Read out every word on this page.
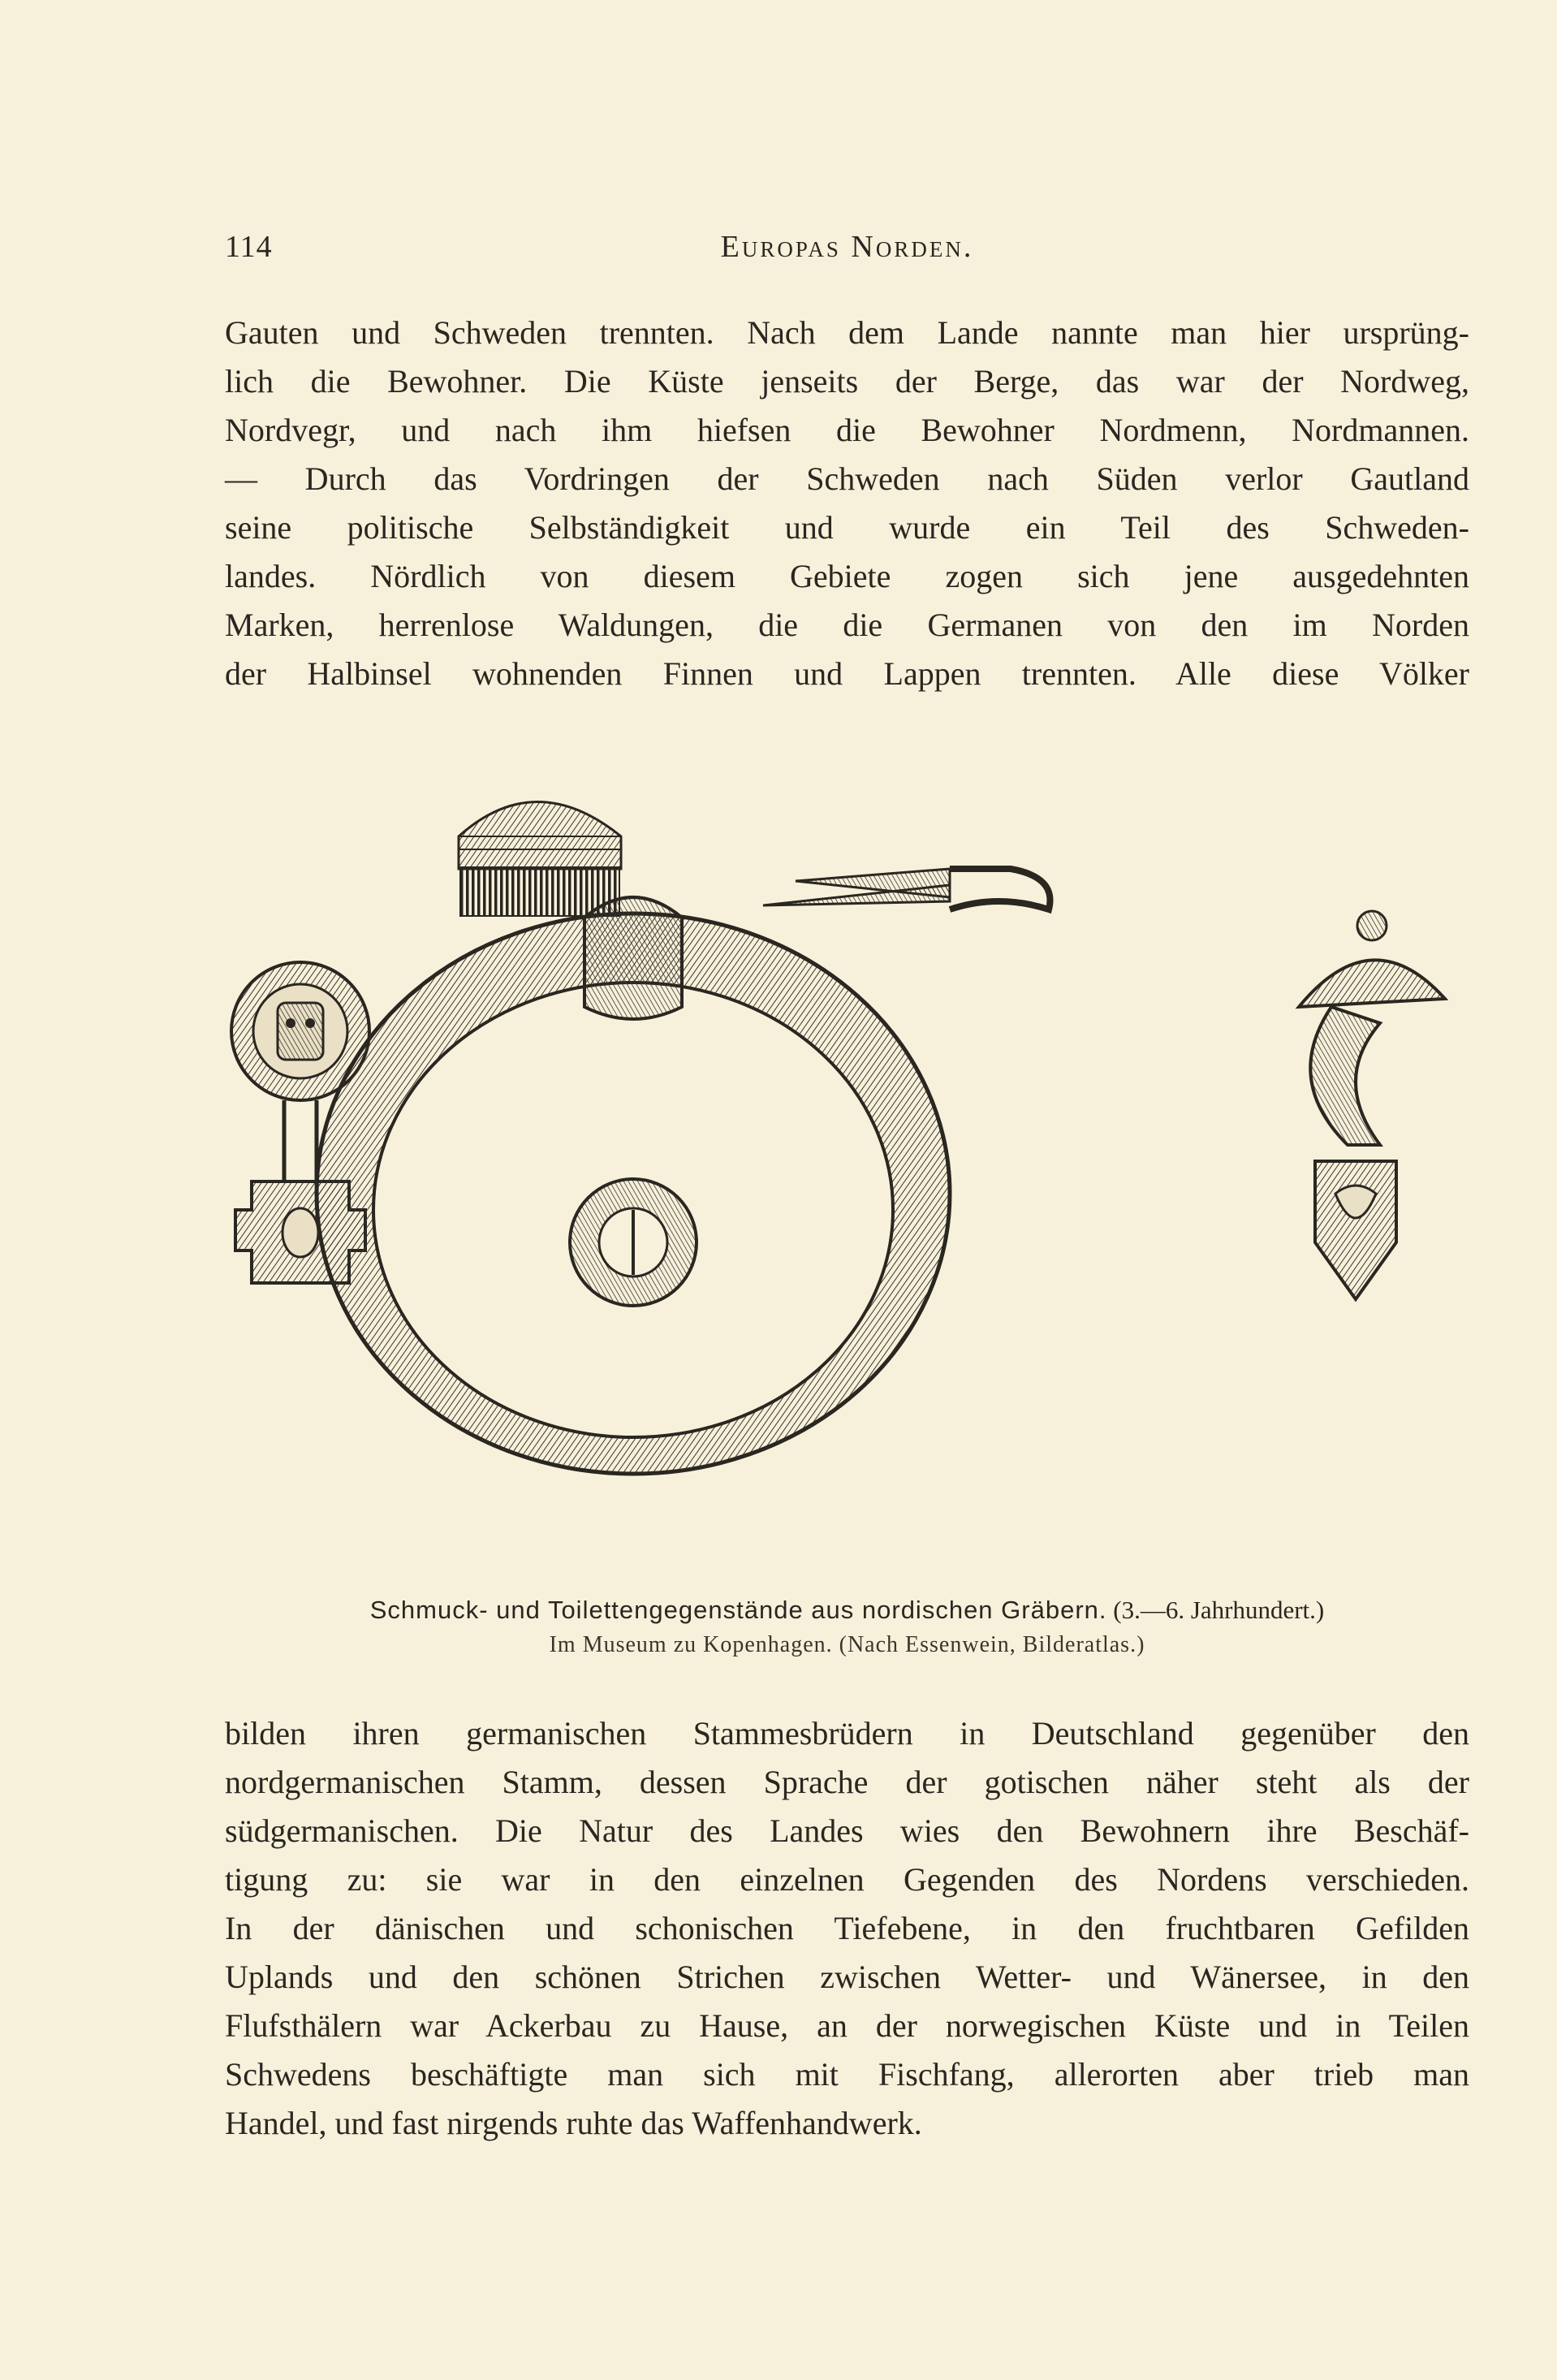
114	Europas Norden.
Gauten und Schweden trennten. Nach dem Lande nannte man hier ursprüng-
lich die Bewohner. Die Küste jenseits der Berge, das war der Nordweg,
Nordvegr, und nach ihm hiefsen die Bewohner Nordmenn, Nordmannen.
— Durch das Vordringen der Schweden nach Süden verlor Gautland
seine politische Selbständigkeit und wurde ein Teil des Schweden-
landes. Nördlich von diesem Gebiete zogen sich jene ausgedehnten
Marken, herrenlose Waldungen, die die Germanen von den im Norden
der Halbinsel wohnenden Finnen und Lappen trennten. Alle diese Völker
Schmuck- und Toilettengegenstände aus nordischen Gräbern. (3.—6. Jahrhundert.)
Im Museum zu Kopenhagen. (Nach Essenwein, Bilderatlas.)
bilden ihren germanischen Stammesbrüdern in Deutschland gegenüber den
nordgermanischen Stamm, dessen Sprache der gotischen näher steht als der
südgermanischen. Die Natur des Landes wies den Bewohnern ihre Beschäf-
tigung zu: sie war in den einzelnen Gegenden des Nordens verschieden.
In der dänischen und schonischen Tiefebene, in den fruchtbaren Gefilden
Uplands und den schönen Strichen zwischen Wetter- und Wänersee, in den
Flufsthälern war Ackerbau zu Hause, an der norwegischen Küste und in Teilen
Schwedens beschäftigte man sich mit Fischfang, allerorten aber trieb man
Handel, und fast nirgends ruhte das Waffenhandwerk.
